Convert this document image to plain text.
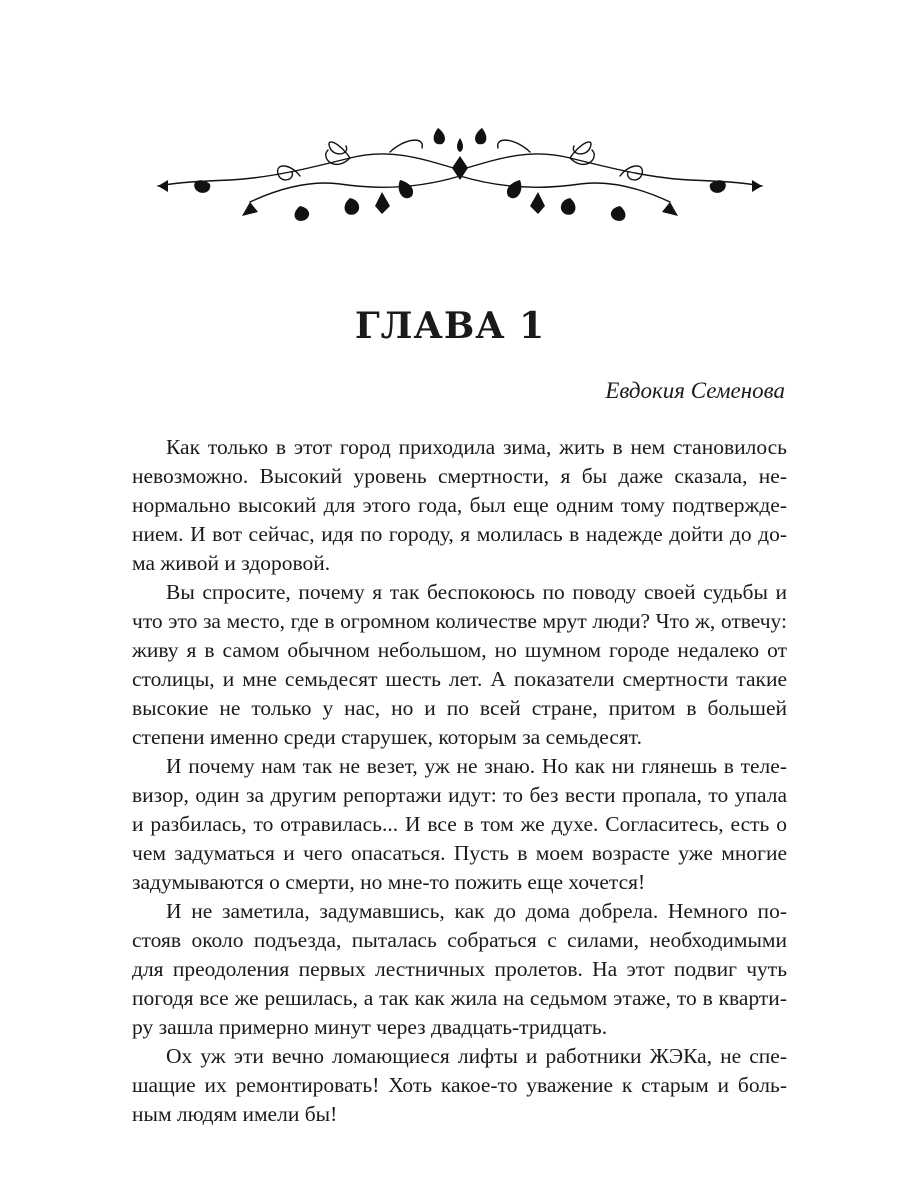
ГЛАВА 1

Евдокия Семенова

Как только в этот город приходила зима, жить в нем становилось невозможно. Высокий уровень смертности, я бы даже сказала, ненормально высокий для этого года, был еще одним тому подтверждением. И вот сейчас, идя по городу, я молилась в надежде дойти до дома живой и здоровой.

Вы спросите, почему я так беспокоюсь по поводу своей судьбы и что это за место, где в огромном количестве мрут люди? Что ж, отвечу: живу я в самом обычном небольшом, но шумном городе недалеко от столицы, и мне семьдесят шесть лет. А показатели смертности такие высокие не только у нас, но и по всей стране, притом в большей степени именно среди старушек, которым за семьдесят.

И почему нам так не везет, уж не знаю. Но как ни глянешь в телевизор, один за другим репортажи идут: то без вести пропала, то упала и разбилась, то отравилась... И все в том же духе. Согласитесь, есть о чем задуматься и чего опасаться. Пусть в моем возрасте уже многие задумываются о смерти, но мне-то пожить еще хочется!

И не заметила, задумавшись, как до дома добрела. Немного постояв около подъезда, пыталась собраться с силами, необходимыми для преодоления первых лестничных пролетов. На этот подвиг чуть погодя все же решилась, а так как жила на седьмом этаже, то в квартиру зашла примерно минут через двадцать-тридцать.

Ох уж эти вечно ломающиеся лифты и работники ЖЭКа, не спешащие их ремонтировать! Хоть какое-то уважение к старым и больным людям имели бы!
